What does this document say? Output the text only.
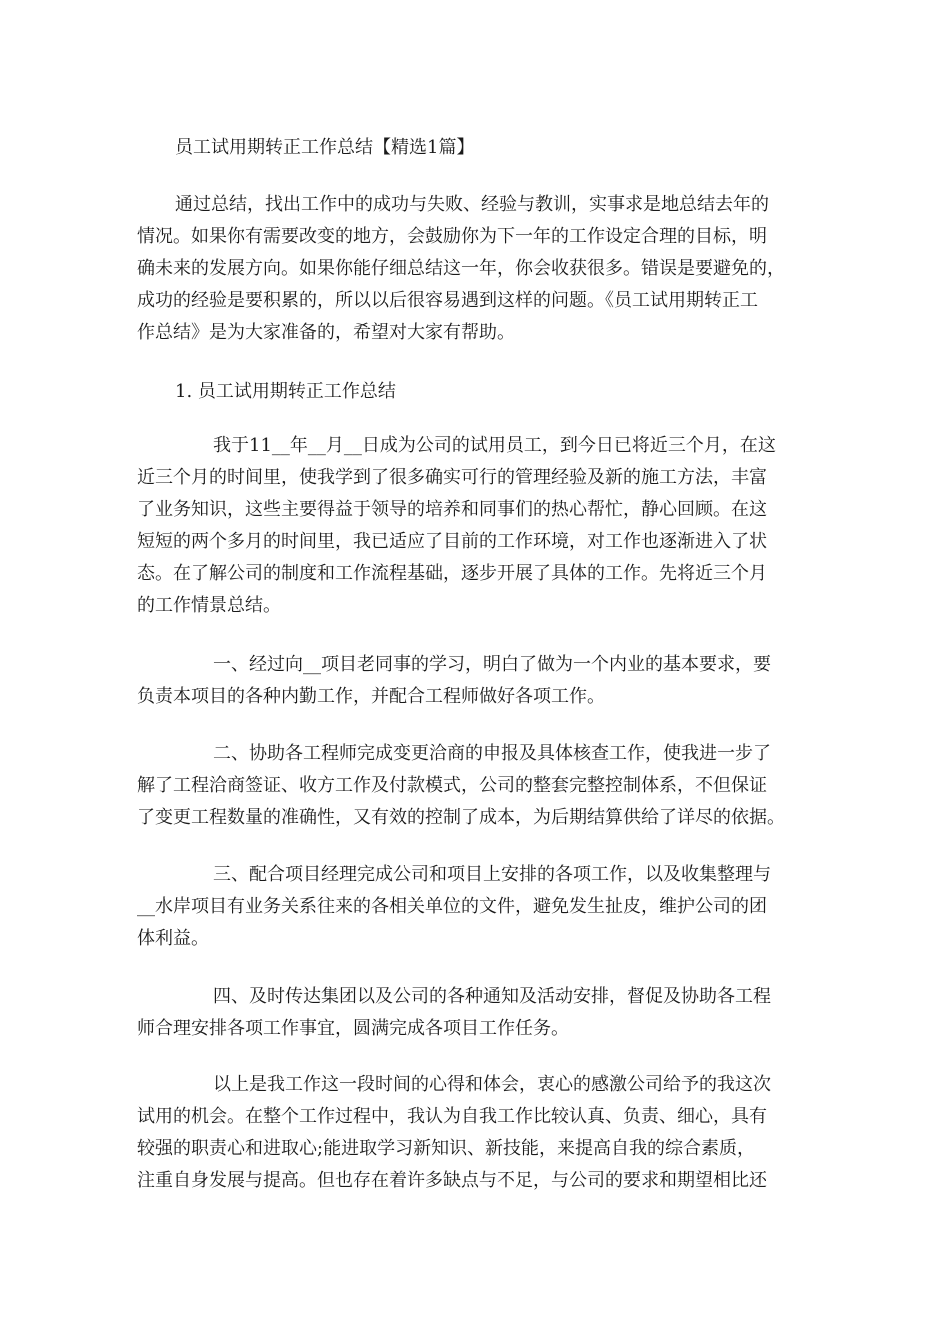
员工试用期转正工作总结【精选1篇】
通过总结，找出工作中的成功与失败、经验与教训，实事求是地总结去年的
情况。如果你有需要改变的地方，会鼓励你为下一年的工作设定合理的目标，明
确未来的发展方向。如果你能仔细总结这一年，你会收获很多。错误是要避免的，
成功的经验是要积累的，所以以后很容易遇到这样的问题。《员工试用期转正工
作总结》是为大家准备的，希望对大家有帮助。
1. 员工试用期转正工作总结
我于11__年__月__日成为公司的试用员工，到今日已将近三个月，在这
近三个月的时间里，使我学到了很多确实可行的管理经验及新的施工方法，丰富
了业务知识，这些主要得益于领导的培养和同事们的热心帮忙，静心回顾。在这
短短的两个多月的时间里，我已适应了目前的工作环境，对工作也逐渐进入了状
态。在了解公司的制度和工作流程基础，逐步开展了具体的工作。先将近三个月
的工作情景总结。
一、经过向__项目老同事的学习，明白了做为一个内业的基本要求，要
负责本项目的各种内勤工作，并配合工程师做好各项工作。
二、协助各工程师完成变更洽商的申报及具体核查工作，使我进一步了
解了工程洽商签证、收方工作及付款模式，公司的整套完整控制体系，不但保证
了变更工程数量的准确性，又有效的控制了成本，为后期结算供给了详尽的依据。
三、配合项目经理完成公司和项目上安排的各项工作，以及收集整理与
__水岸项目有业务关系往来的各相关单位的文件，避免发生扯皮，维护公司的团
体利益。
四、及时传达集团以及公司的各种通知及活动安排，督促及协助各工程
师合理安排各项工作事宜，圆满完成各项目工作任务。
以上是我工作这一段时间的心得和体会，衷心的感激公司给予的我这次
试用的机会。在整个工作过程中，我认为自我工作比较认真、负责、细心，具有
较强的职责心和进取心;能进取学习新知识、新技能，来提高自我的综合素质，
注重自身发展与提高。但也存在着许多缺点与不足，与公司的要求和期望相比还
